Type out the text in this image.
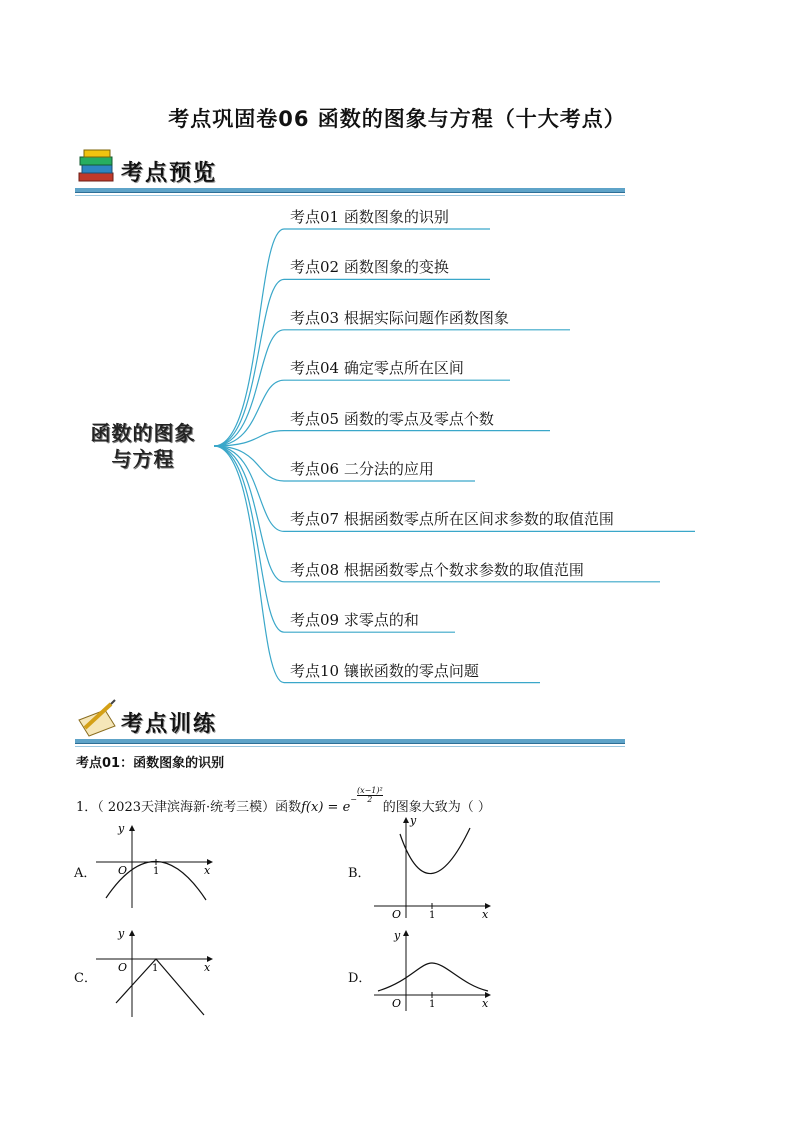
考点巩固卷06 函数的图象与方程（十大考点）
考点预览
函数的图象
与方程
考点01 函数图象的识别
考点02 函数图象的变换
考点03 根据实际问题作函数图象
考点04 确定零点所在区间
考点05 函数的零点及零点个数
考点06 二分法的应用
考点07 根据函数零点所在区间求参数的取值范围
考点08 根据函数零点个数求参数的取值范围
考点09 求零点的和
考点10 镶嵌函数的零点问题
考点训练
考点01：函数图象的识别
1．（ 2023天津滨海新·统考三模）函数$f(x) = e- \frac{\text{(x−1)²}}{2}$
的图象大致为（ ）
A．	B．
C．	D．
x
y
O	1
x
y
O	1
x
y
O 1
x
y
O	1
